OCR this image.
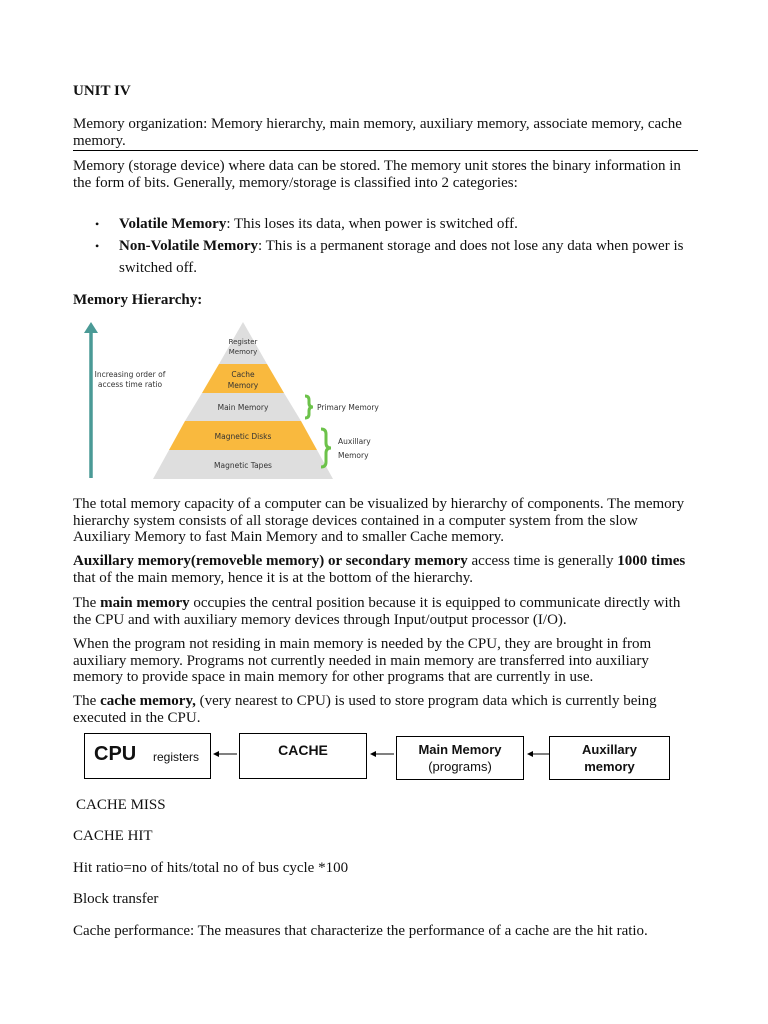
UNIT IV

Memory organization: Memory hierarchy, main memory, auxiliary memory, associate memory, cache memory.

Memory (storage device) where data can be stored. The memory unit stores the binary information in the form of bits. Generally, memory/storage is classified into 2 categories:

• Volatile Memory: This loses its data, when power is switched off.
• Non-Volatile Memory: This is a permanent storage and does not lose any data when power is switched off.

Memory Hierarchy:

Increasing order of
access time ratio
Register
Memory
Cache
Memory
Main Memory
Magnetic Disks
Magnetic Tapes
Primary Memory
Auxillary
Memory

The total memory capacity of a computer can be visualized by hierarchy of components. The memory hierarchy system consists of all storage devices contained in a computer system from the slow Auxiliary Memory to fast Main Memory and to smaller Cache memory.

Auxillary memory(removeble memory) or secondary memory access time is generally 1000 times that of the main memory, hence it is at the bottom of the hierarchy.

The main memory occupies the central position because it is equipped to communicate directly with the CPU and with auxiliary memory devices through Input/output processor (I/O).

When the program not residing in main memory is needed by the CPU, they are brought in from auxiliary memory. Programs not currently needed in main memory are transferred into auxiliary memory to provide space in main memory for other programs that are currently in use.

The cache memory, (very nearest to CPU) is used to store program data which is currently being executed in the CPU.

CPU registers	CACHE	Main Memory
(programs)
Auxillary
memory

CACHE MISS

CACHE HIT

Hit ratio=no of hits/total no of bus cycle *100

Block transfer

Cache performance: The measures that characterize the performance of a cache are the hit ratio.
